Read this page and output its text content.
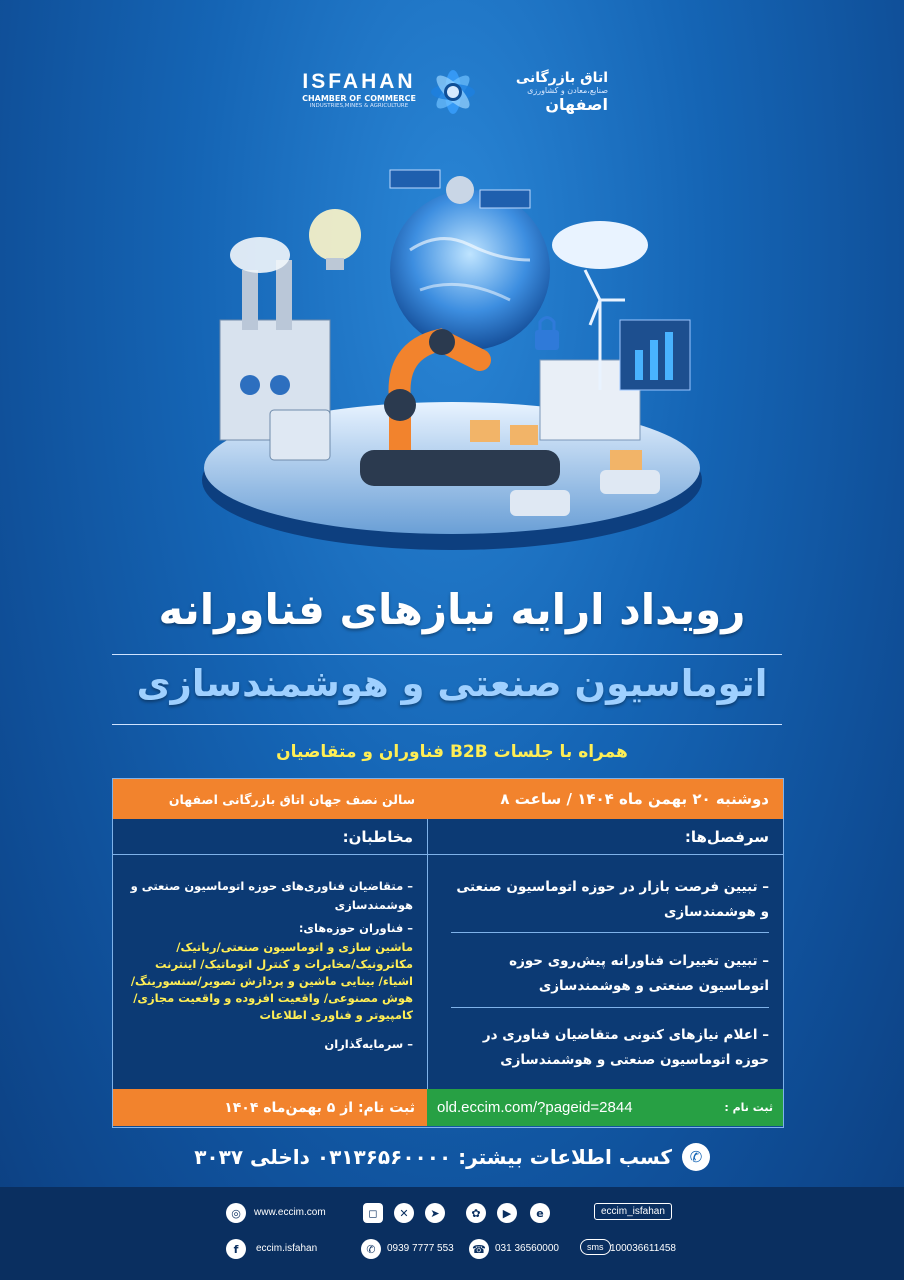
ISFAHAN
CHAMBER OF COMMERCE
INDUSTRIES,MINES & AGRICULTURE
اتاق بازرگانی
صنایع،معادن و کشاورزی
اصفهان
رویداد ارایه نیازهای فناورانه
اتوماسیون صنعتی و هوشمندسازی
همراه با جلسات B2B فناوران و متقاضیان
دوشنبه ۲۰ بهمن ماه ۱۴۰۴ / ساعت ۸
سالن نصف جهان اتاق بازرگانی اصفهان
سرفصل‌ها:
– تبیین فرصت بازار در حوزه اتوماسیون صنعتی و هوشمندسازی
– تبیین تغییرات فناورانه پیش‌روی حوزه اتوماسیون صنعتی و هوشمندسازی
– اعلام نیازهای کنونی متقاضیان فناوری در حوزه اتوماسیون صنعتی و هوشمندسازی
مخاطبان:
– متقاضیان فناوری‌های حوزه اتوماسیون صنعتی و هوشمندسازی
– فناوران حوزه‌های:
ماشین سازی و اتوماسیون صنعتی/رباتیک/ مکاترونیک/مخابرات و کنترل اتوماتیک/ اینترنت اشیاء/ بینایی ماشین و پردازش تصویر/سنسورینگ/هوش مصنوعی/ واقعیت افزوده و واقعیت مجازی/کامپیوتر و فناوری اطلاعات
– سرمایه‌گذاران
old.eccim.com/?pageid=2844	ثبت نام :
ثبت نام: از ۵ بهمن‌ماه ۱۴۰۴
✆
کسب اطلاعات بیشتر: ۰۳۱۳۶۵۶۰۰۰۰ داخلی ۳۰۳۷
◎	www.eccim.com	◻	✕	➤	✿	▶	e	eccim_isfahan
f	eccim.isfahan	✆	0939 7777 553 ☎ 031 36560000	sms 100036611458
